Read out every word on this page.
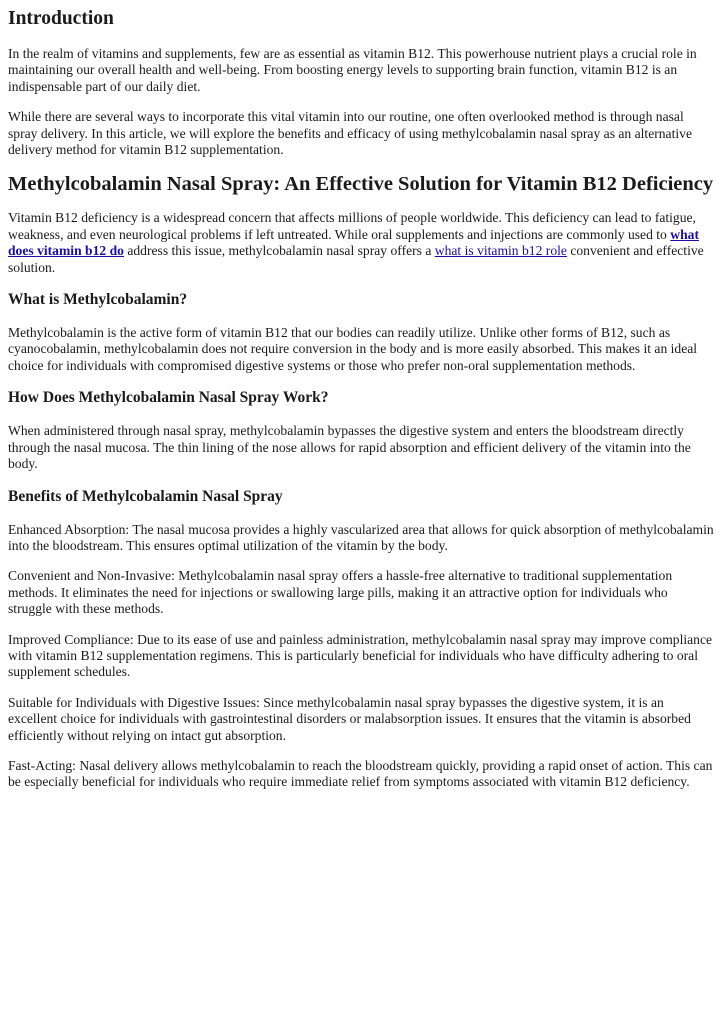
Introduction

In the realm of vitamins and supplements, few are as essential as vitamin B12. This powerhouse nutrient plays a crucial role in maintaining our overall health and well-being. From boosting energy levels to supporting brain function, vitamin B12 is an indispensable part of our daily diet.

While there are several ways to incorporate this vital vitamin into our routine, one often overlooked method is through nasal spray delivery. In this article, we will explore the benefits and efficacy of using methylcobalamin nasal spray as an alternative delivery method for vitamin B12 supplementation.

Methylcobalamin Nasal Spray: An Effective Solution for Vitamin B12 Deficiency

Vitamin B12 deficiency is a widespread concern that affects millions of people worldwide. This deficiency can lead to fatigue, weakness, and even neurological problems if left untreated. While oral supplements and injections are commonly used to what does vitamin b12 do address this issue, methylcobalamin nasal spray offers a what is vitamin b12 role convenient and effective solution.

What is Methylcobalamin?

Methylcobalamin is the active form of vitamin B12 that our bodies can readily utilize. Unlike other forms of B12, such as cyanocobalamin, methylcobalamin does not require conversion in the body and is more easily absorbed. This makes it an ideal choice for individuals with compromised digestive systems or those who prefer non-oral supplementation methods.

How Does Methylcobalamin Nasal Spray Work?

When administered through nasal spray, methylcobalamin bypasses the digestive system and enters the bloodstream directly through the nasal mucosa. The thin lining of the nose allows for rapid absorption and efficient delivery of the vitamin into the body.

Benefits of Methylcobalamin Nasal Spray

Enhanced Absorption: The nasal mucosa provides a highly vascularized area that allows for quick absorption of methylcobalamin into the bloodstream. This ensures optimal utilization of the vitamin by the body.

Convenient and Non-Invasive: Methylcobalamin nasal spray offers a hassle-free alternative to traditional supplementation methods. It eliminates the need for injections or swallowing large pills, making it an attractive option for individuals who struggle with these methods.

Improved Compliance: Due to its ease of use and painless administration, methylcobalamin nasal spray may improve compliance with vitamin B12 supplementation regimens. This is particularly beneficial for individuals who have difficulty adhering to oral supplement schedules.

Suitable for Individuals with Digestive Issues: Since methylcobalamin nasal spray bypasses the digestive system, it is an excellent choice for individuals with gastrointestinal disorders or malabsorption issues. It ensures that the vitamin is absorbed efficiently without relying on intact gut absorption.

Fast-Acting: Nasal delivery allows methylcobalamin to reach the bloodstream quickly, providing a rapid onset of action. This can be especially beneficial for individuals who require immediate relief from symptoms associated with vitamin B12 deficiency.
